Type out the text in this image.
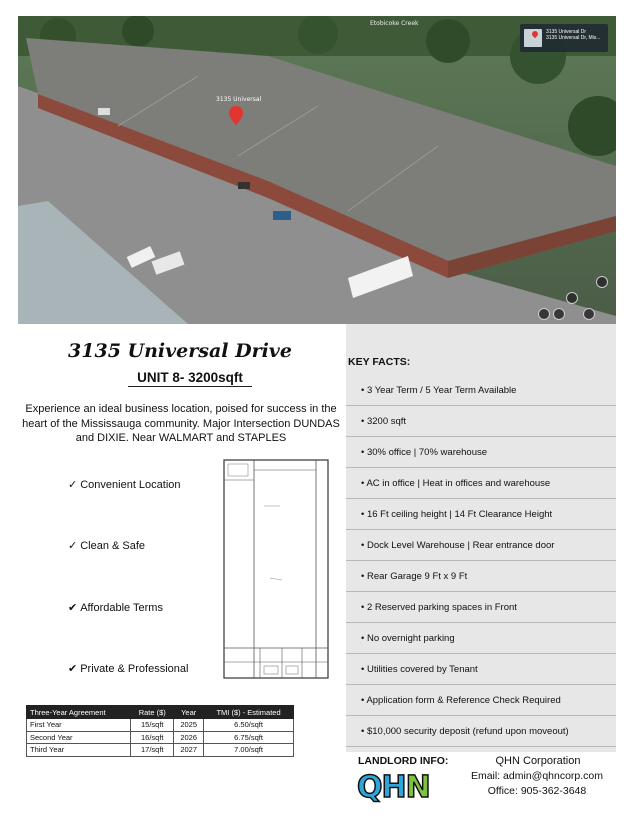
Etobicoke Creek
3135 Universal
3135 Universal Dr
3135 Universal Dr, Mis...
3135 Universal Drive
UNIT 8- 3200sqft
Experience an ideal business location, poised for success in the heart of the Mississauga community. Major Intersection DUNDAS and DIXIE. Near WALMART and STAPLES
✓ Convenient Location
✓ Clean & Safe
✔ Affordable Terms
✔ Private & Professional
Three-Year Agreement	Rate ($)	Year	TMI ($) - Estimated
First Year	15/sqft	2025	6.50/sqft
Second Year	16/sqft	2026	6.75/sqft
Third Year	17/sqft	2027	7.00/sqft
KEY FACTS:
• 3 Year Term / 5 Year Term Available
• 3200 sqft
• 30% office | 70% warehouse
• AC in office | Heat in offices and warehouse
• 16 Ft ceiling height | 14 Ft Clearance Height
• Dock Level Warehouse | Rear entrance door
• Rear Garage 9 Ft x 9 Ft
• 2 Reserved parking spaces in Front
• No overnight parking
• Utilities covered by Tenant
• Application form & Reference Check Required
• $10,000 security deposit (refund upon moveout)
LANDLORD INFO:	QHN Corporation
Email: admin@qhncorp.com
Office: 905-362-3648
QHN
